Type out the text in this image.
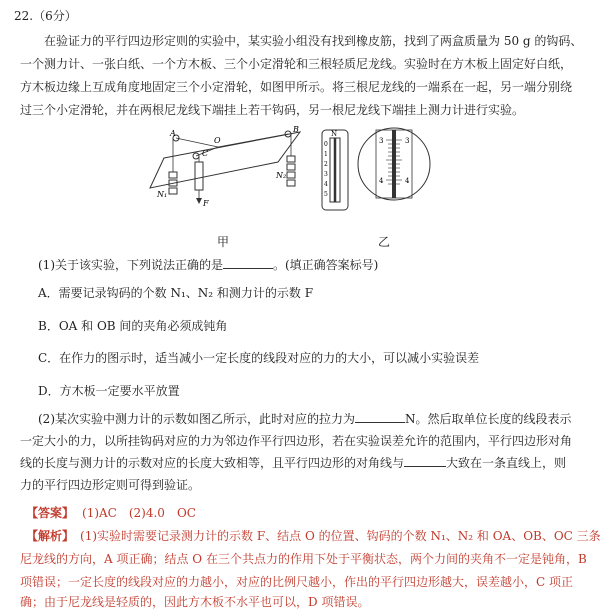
22.（6分）
在验证力的平行四边形定则的实验中，某实验小组没有找到橡皮筋，找到了两盒质量为 50 g 的钩码、
一个测力计、一张白纸、一个方木板、三个小定滑轮和三根轻质尼龙线。实验时在方木板上固定好白纸，
方木板边缘上互成角度地固定三个小定滑轮，如图甲所示。将三根尼龙线的一端系在一起，另一端分别绕
过三个小定滑轮，并在两根尼龙线下端挂上若干钩码，另一根尼龙线下端挂上测力计进行实验。
A
O
B
C
N₁
N₂
F
N
0
1
2
3
4
5
3
4
3
4
甲	乙
(1)关于该实验，下列说法正确的是	。(填正确答案标号)
A．需要记录钩码的个数 N₁、N₂ 和测力计的示数 F
B．OA 和 OB 间的夹角必须成钝角
C．在作力的图示时，适当减小一定长度的线段对应的力的大小，可以减小实验误差
D．方木板一定要水平放置
(2)某次实验中测力计的示数如图乙所示，此时对应的拉力为	N。然后取单位长度的线段表示
一定大小的力，以所挂钩码对应的力为邻边作平行四边形，若在实验误差允许的范围内，平行四边形对角
线的长度与测力计的示数对应的长度大致相等，且平行四边形的对角线与	大致在一条直线上，则
力的平行四边形定则可得到验证。
【答案】 (1)AC　(2)4.0　OC
【解析】 (1)实验时需要记录测力计的示数 F、结点 O 的位置、钩码的个数 N₁、N₂ 和 OA、OB、OC 三条
尼龙线的方向，A 项正确；结点 O 在三个共点力的作用下处于平衡状态，两个力间的夹角不一定是钝角，B
项错误；一定长度的线段对应的力越小，对应的比例尺越小，作出的平行四边形越大，误差越小，C 项正
确；由于尼龙线是轻质的，因此方木板不水平也可以，D 项错误。
